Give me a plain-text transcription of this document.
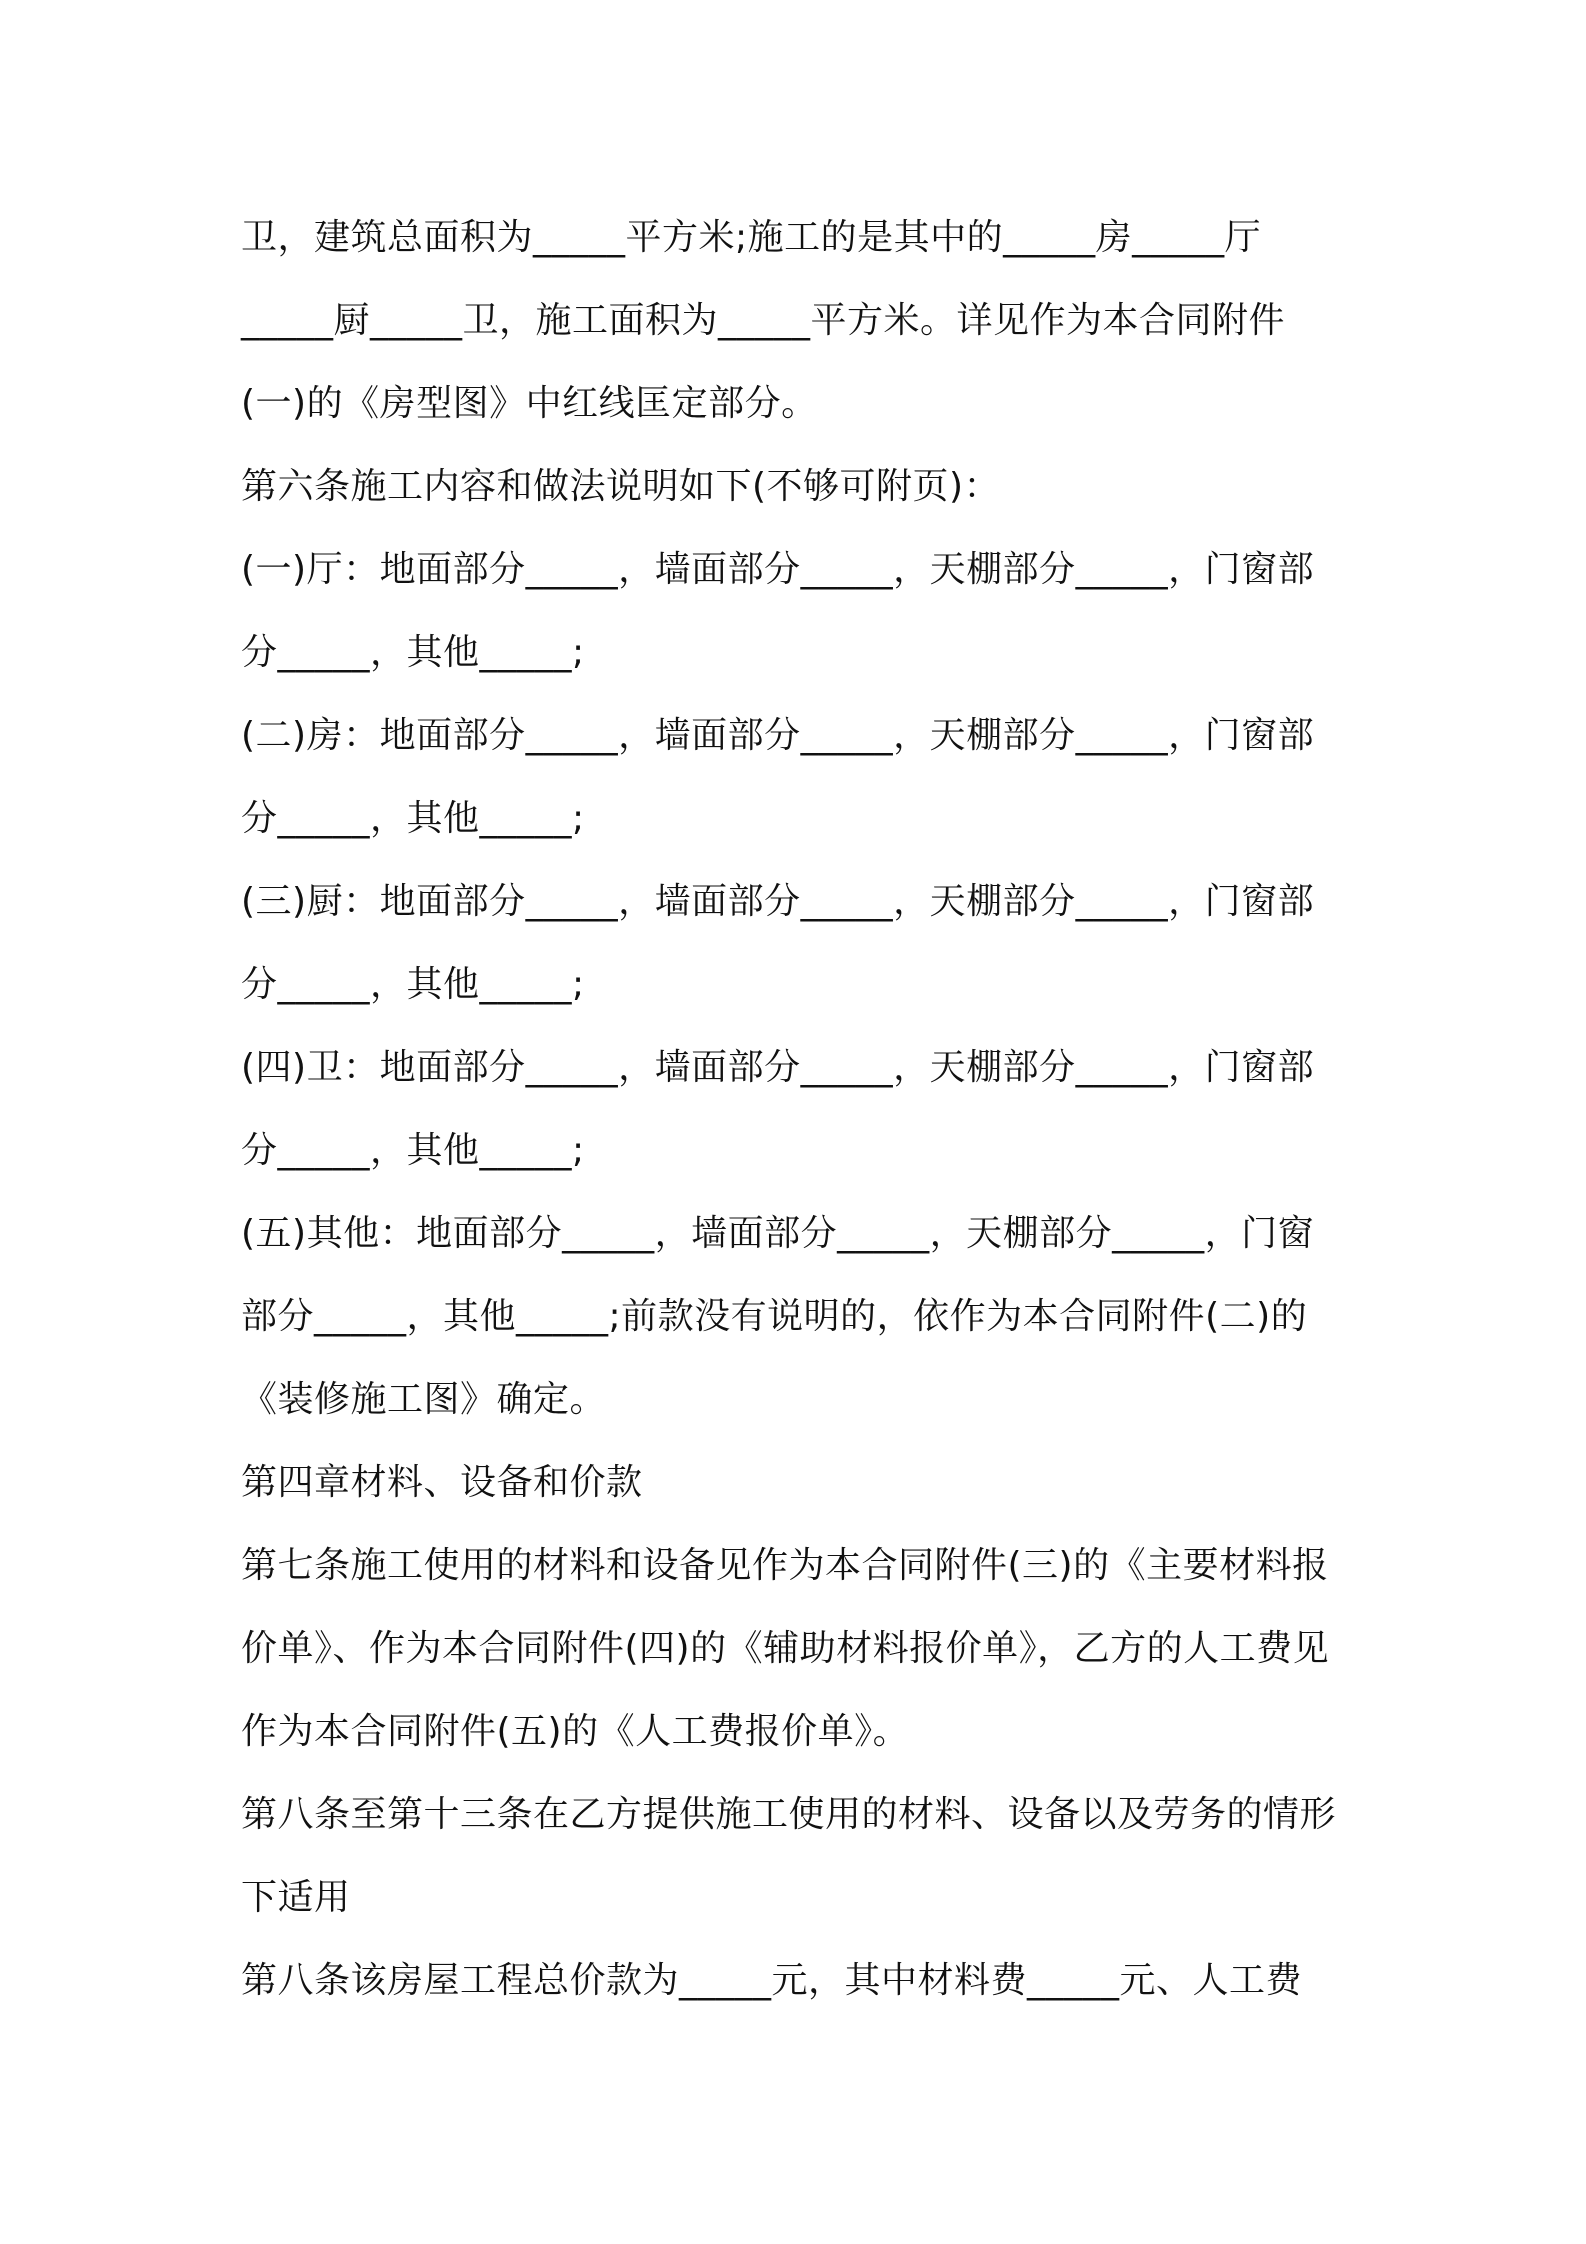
卫，建筑总面积为_____平方米;施工的是其中的_____房_____厅
_____厨_____卫，施工面积为_____平方米。详见作为本合同附件
(一)的《房型图》中红线匡定部分。
第六条施工内容和做法说明如下(不够可附页)：
(一)厅：地面部分_____，墙面部分_____，天棚部分_____，门窗部
分_____，其他_____;
(二)房：地面部分_____，墙面部分_____，天棚部分_____，门窗部
分_____，其他_____;
(三)厨：地面部分_____，墙面部分_____，天棚部分_____，门窗部
分_____，其他_____;
(四)卫：地面部分_____，墙面部分_____，天棚部分_____，门窗部
分_____，其他_____;
(五)其他：地面部分_____，墙面部分_____，天棚部分_____，门窗
部分_____，其他_____;前款没有说明的，依作为本合同附件(二)的
《装修施工图》确定。
第四章材料、设备和价款
第七条施工使用的材料和设备见作为本合同附件(三)的《主要材料报
价单》、作为本合同附件(四)的《辅助材料报价单》，乙方的人工费见
作为本合同附件(五)的《人工费报价单》。
第八条至第十三条在乙方提供施工使用的材料、设备以及劳务的情形
下适用
第八条该房屋工程总价款为_____元，其中材料费_____元、人工费
